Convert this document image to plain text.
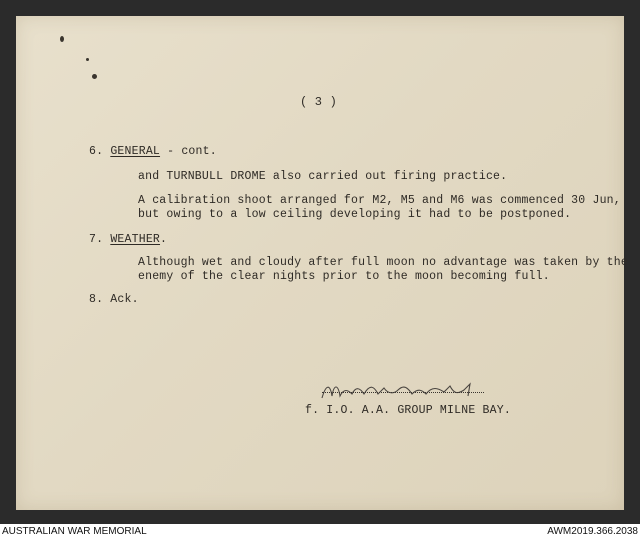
( 3 )
6. GENERAL - cont.
and TURNBULL DROME also carried out firing practice.
A calibration shoot arranged for M2, M5 and M6 was commenced 30 Jun,
but owing to a low ceiling developing it had to be postponed.
7. WEATHER.
Although wet and cloudy after full moon no advantage was taken by the
enemy of the clear nights prior to the moon becoming full.
8. Ack.
f. I.O. A.A. GROUP MILNE BAY.
AUSTRALIAN WAR MEMORIAL	AWM2019.366.2038
